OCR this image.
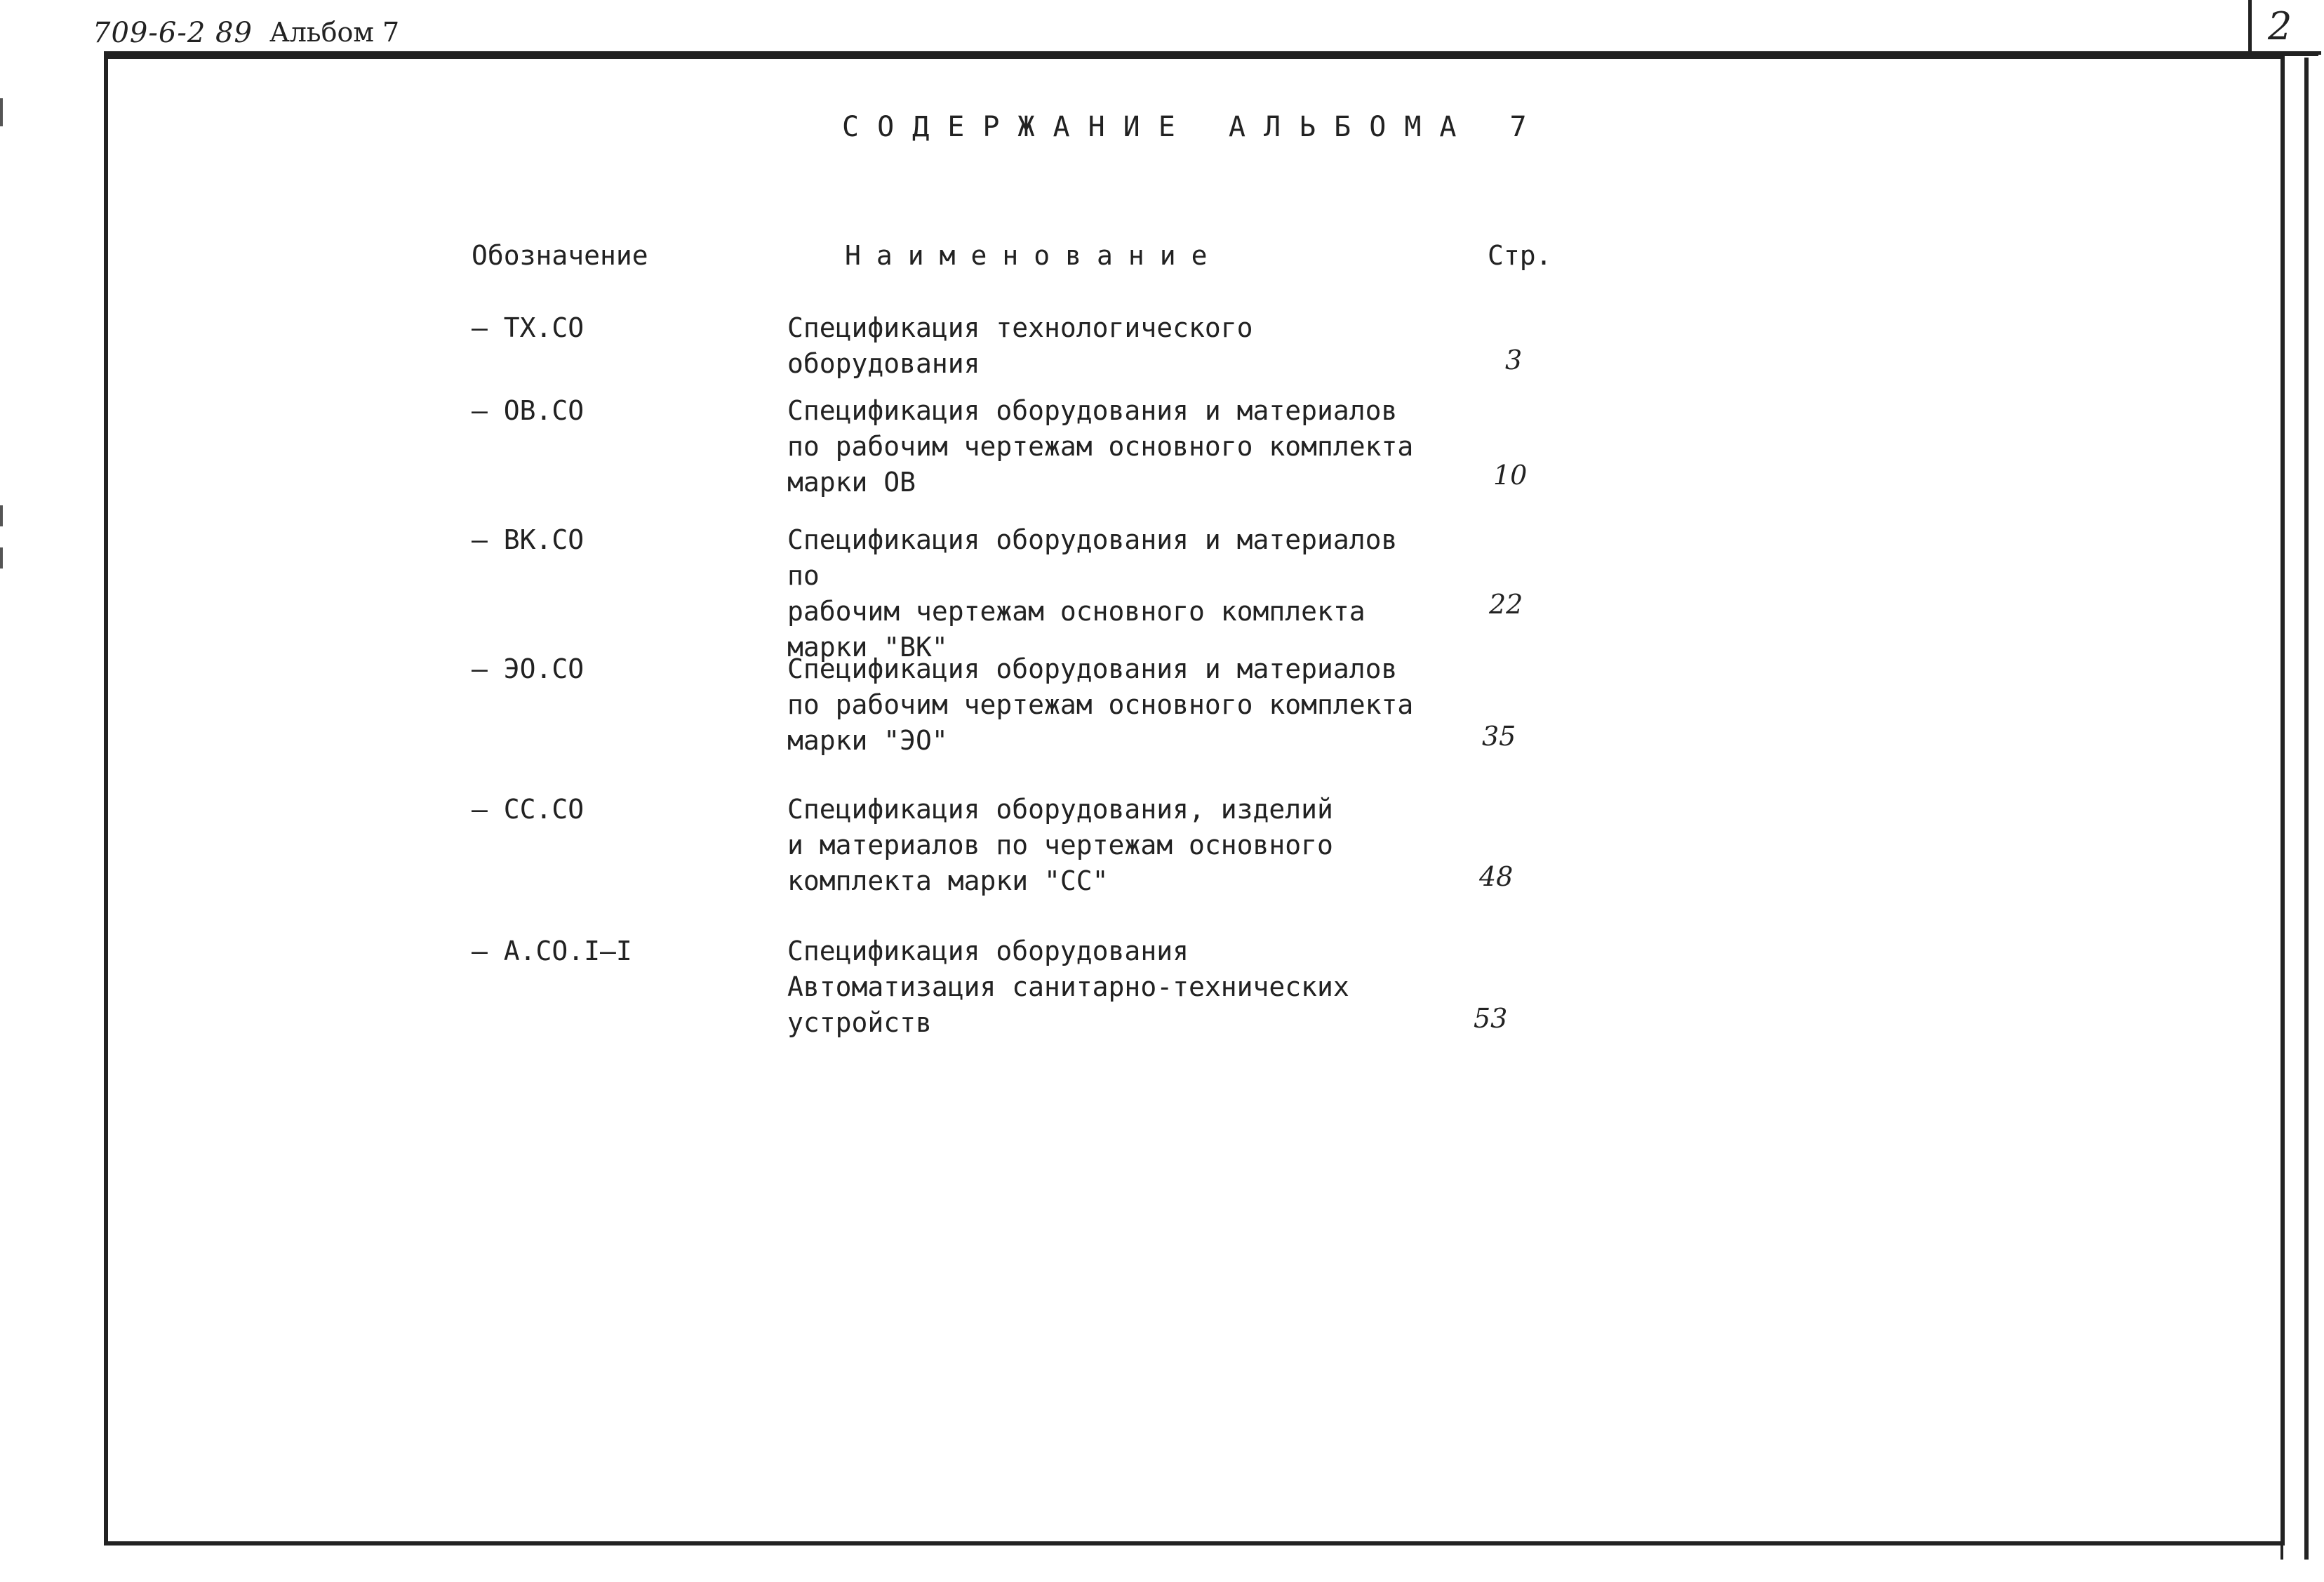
2
709-6-2 89 Альбом 7
СОДЕРЖАНИЕ АЛЬБОМА 7
Обозначение	Наименование	Стр.
– ТХ.СО	Спецификация технологического
оборудования	3
– ОВ.СО	Спецификация оборудования и материалов
по рабочим чертежам основного комплекта
марки ОВ	10
– ВК.СО	Спецификация оборудования и материалов по
рабочим чертежам основного комплекта
марки "ВК"
22
– ЭО.СО	Спецификация оборудования и материалов
по рабочим чертежам основного комплекта
марки "ЭО"	35
– СС.СО	Спецификация оборудования, изделий
и материалов по чертежам основного
комплекта марки "СС"	48
– А.СО.I–I	Спецификация оборудования
Автоматизация санитарно-технических
устройств	53
